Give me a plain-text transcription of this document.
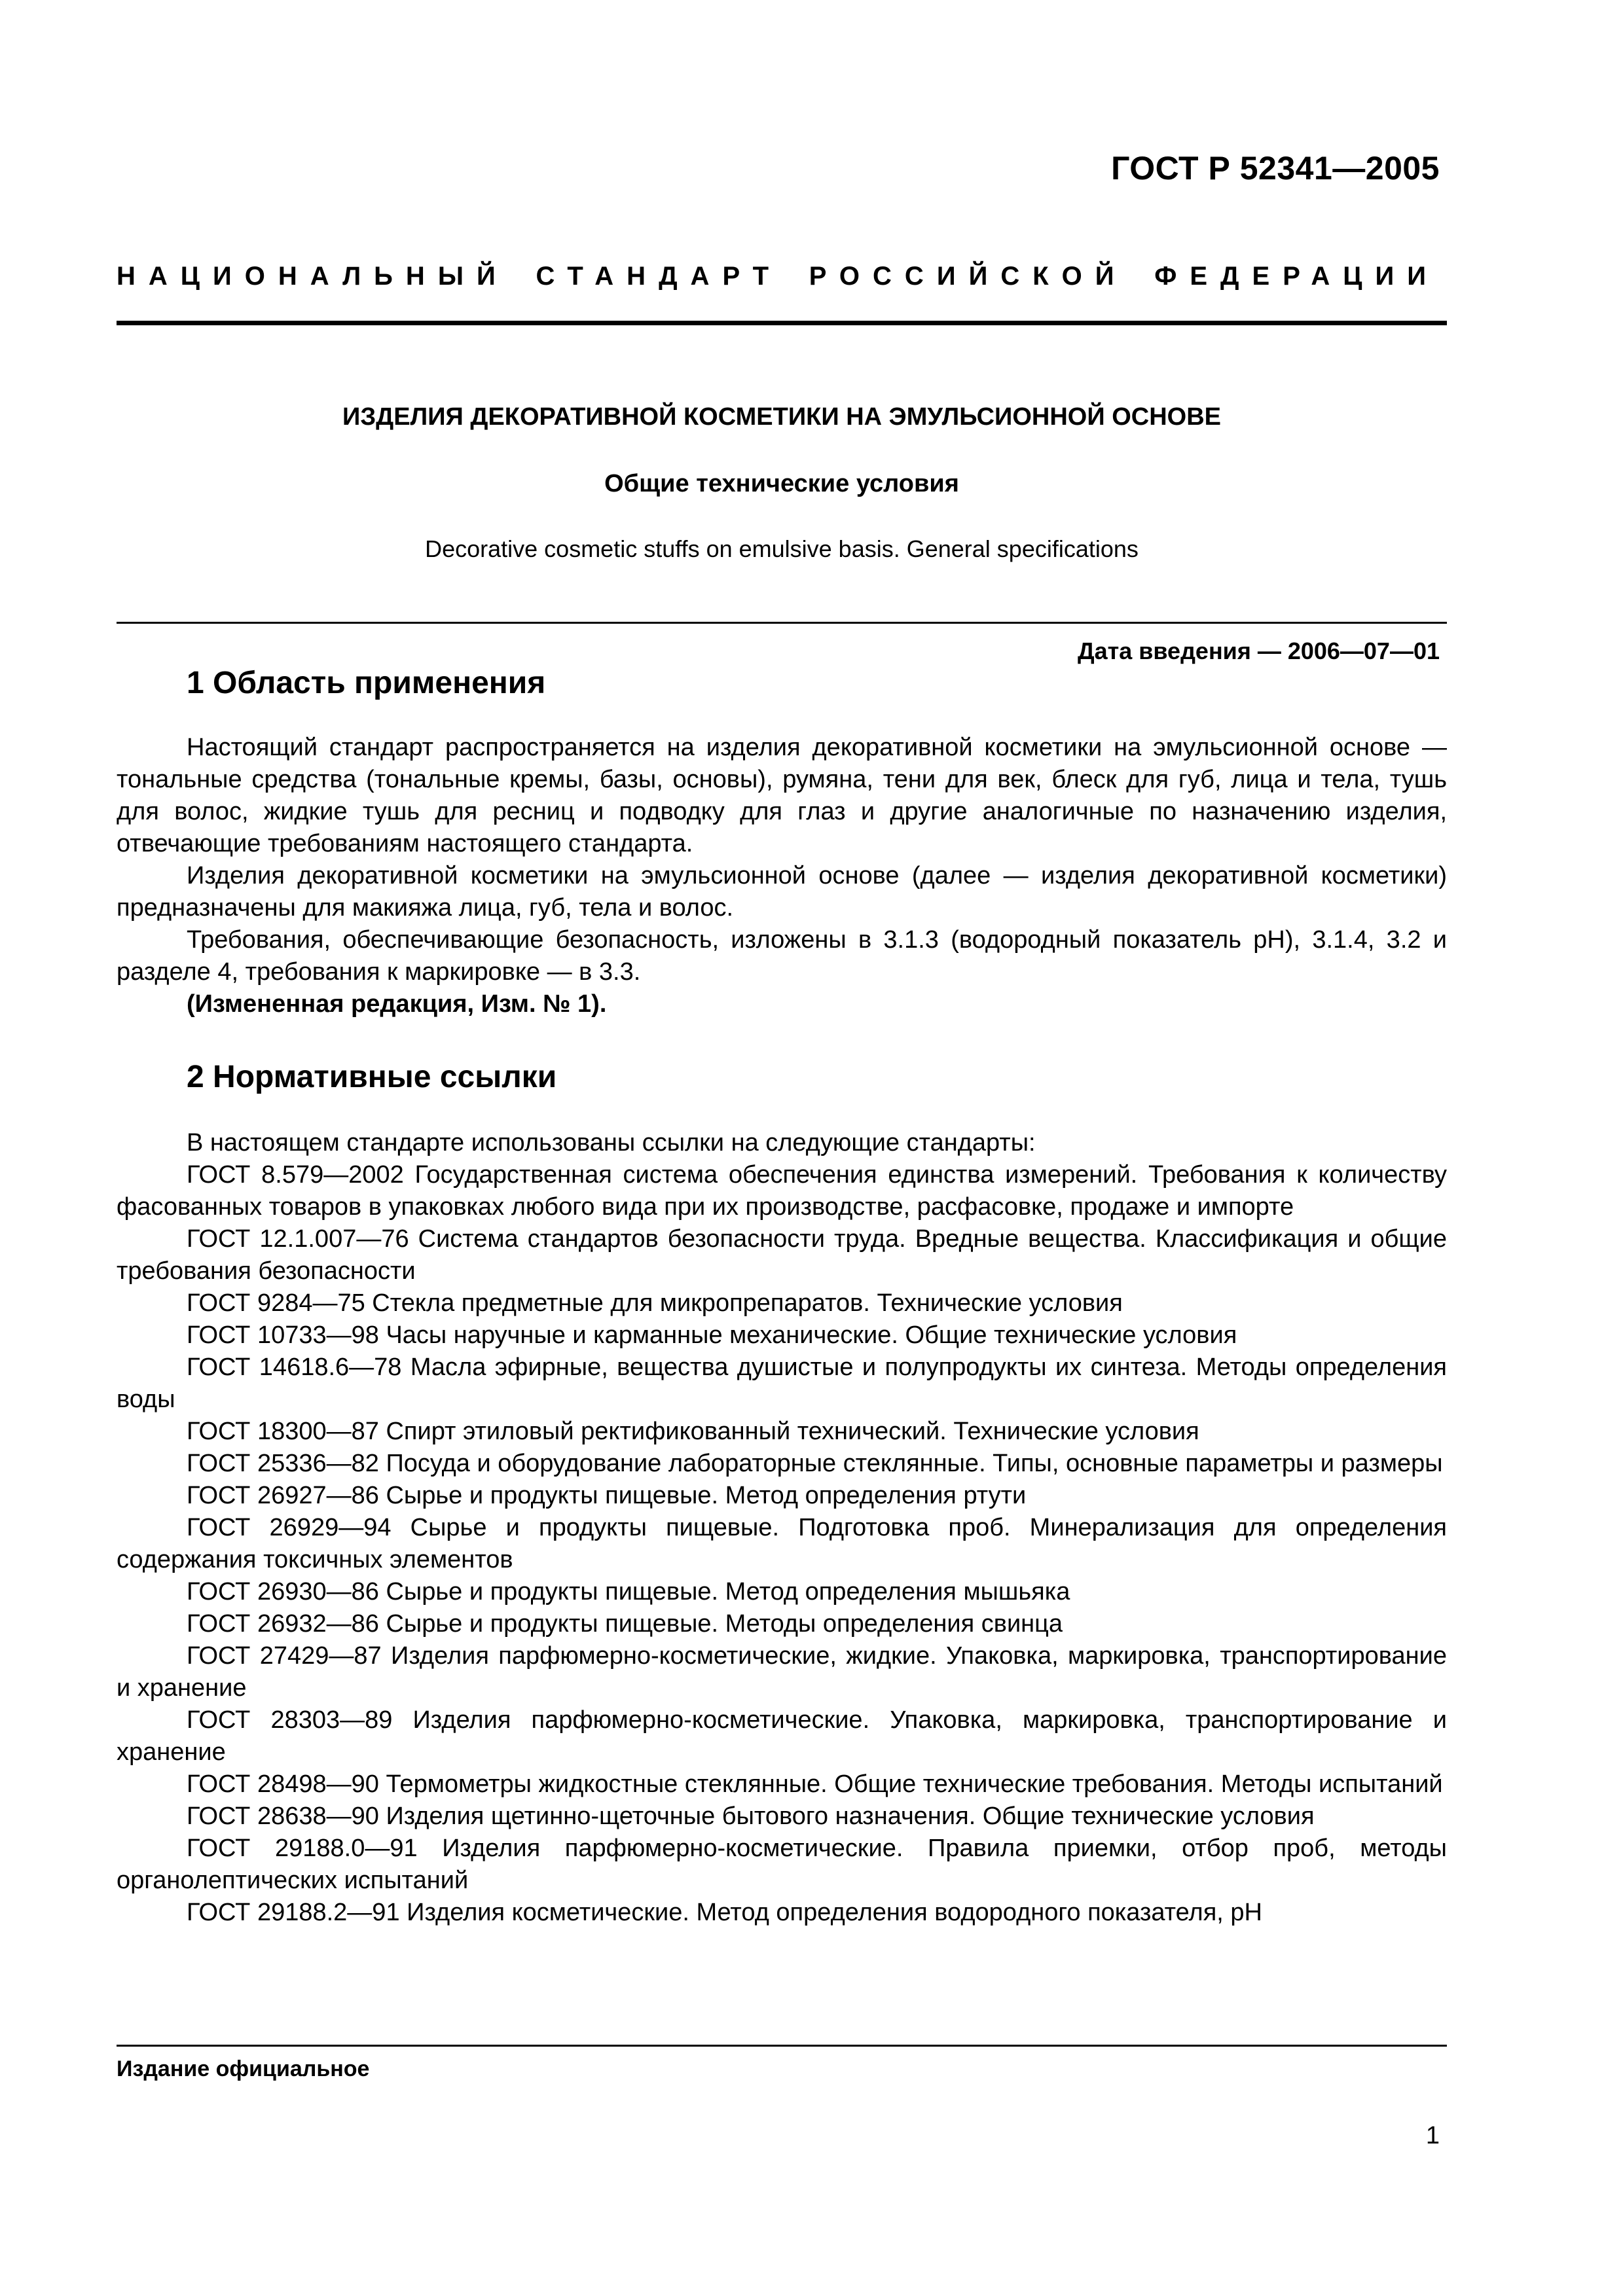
ГОСТ Р 52341—2005
НАЦИОНАЛЬНЫЙ СТАНДАРТ РОССИЙСКОЙ ФЕДЕРАЦИИ
ИЗДЕЛИЯ ДЕКОРАТИВНОЙ КОСМЕТИКИ НА ЭМУЛЬСИОННОЙ ОСНОВЕ
Общие технические условия
Decorative cosmetic stuffs on emulsive basis. General specifications
Дата введения — 2006—07—01
1 Область применения

Настоящий стандарт распространяется на изделия декоративной косметики на эмульсионной основе — тональные средства (тональные кремы, базы, основы), румяна, тени для век, блеск для губ, лица и тела, тушь для волос, жидкие тушь для ресниц и подводку для глаз и другие аналогичные по назначению изделия, отвечающие требованиям настоящего стандарта.

Изделия декоративной косметики на эмульсионной основе (далее — изделия декоративной косметики) предназначены для макияжа лица, губ, тела и волос.

Требования, обеспечивающие безопасность, изложены в 3.1.3 (водородный показатель pH), 3.1.4, 3.2 и разделе 4, требования к маркировке — в 3.3.

(Измененная редакция, Изм. № 1).

2 Нормативные ссылки

В настоящем стандарте использованы ссылки на следующие стандарты:

ГОСТ 8.579—2002 Государственная система обеспечения единства измерений. Требования к количеству фасованных товаров в упаковках любого вида при их производстве, расфасовке, продаже и импорте

ГОСТ 12.1.007—76 Система стандартов безопасности труда. Вредные вещества. Классификация и общие требования безопасности

ГОСТ 9284—75 Стекла предметные для микропрепаратов. Технические условия

ГОСТ 10733—98 Часы наручные и карманные механические. Общие технические условия

ГОСТ 14618.6—78 Масла эфирные, вещества душистые и полупродукты их синтеза. Методы определения воды

ГОСТ 18300—87 Спирт этиловый ректификованный технический. Технические условия

ГОСТ 25336—82 Посуда и оборудование лабораторные стеклянные. Типы, основные параметры и размеры

ГОСТ 26927—86 Сырье и продукты пищевые. Метод определения ртути

ГОСТ 26929—94 Сырье и продукты пищевые. Подготовка проб. Минерализация для определения содержания токсичных элементов

ГОСТ 26930—86 Сырье и продукты пищевые. Метод определения мышьяка

ГОСТ 26932—86 Сырье и продукты пищевые. Методы определения свинца

ГОСТ 27429—87 Изделия парфюмерно-косметические, жидкие. Упаковка, маркировка, транспортирование и хранение

ГОСТ 28303—89 Изделия парфюмерно-косметические. Упаковка, маркировка, транспортирование и хранение

ГОСТ 28498—90 Термометры жидкостные стеклянные. Общие технические требования. Методы испытаний

ГОСТ 28638—90 Изделия щетинно-щеточные бытового назначения. Общие технические условия

ГОСТ 29188.0—91 Изделия парфюмерно-косметические. Правила приемки, отбор проб, методы органолептических испытаний

ГОСТ 29188.2—91 Изделия косметические. Метод определения водородного показателя, pH

Издание официальное
1
